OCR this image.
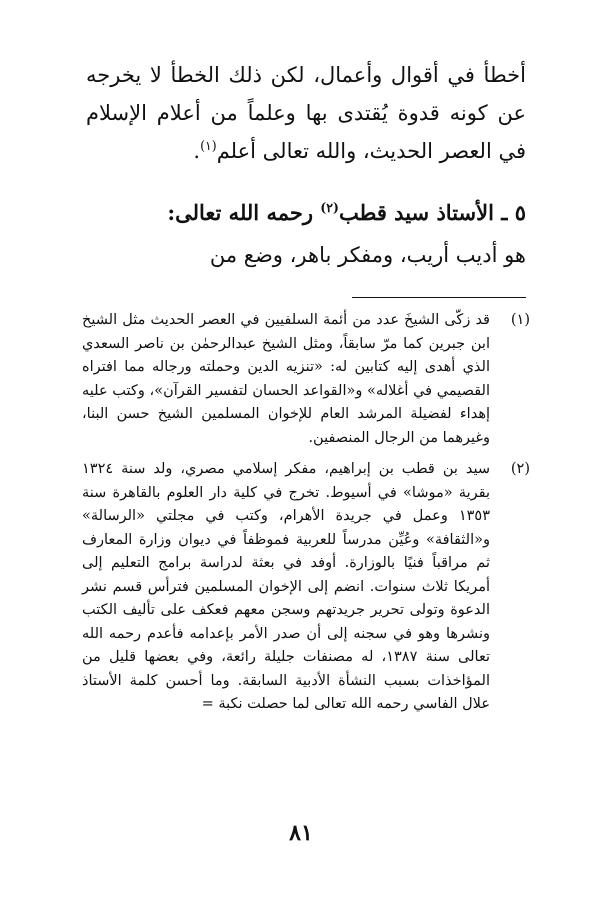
أخطأ في أقوال وأعمال، لكن ذلك الخطأ لا يخرجه عن كونه قدوة يُقتدى بها وعلماً من أعلام الإسلام في العصر الحديث، والله تعالى أعلم$^{(١)}$.

٥ ـ الأستاذ سيد قطب$^{(٢)}$ رحمه الله تعالى:
هو أديب أريب، ومفكر باهر، وضع من
(١)
قد زكّى الشيخَ عدد من أئمة السلفيين في العصر الحديث مثل الشيخ ابن جبرين كما مرّ سابقاً، ومثل الشيخ عبدالرحمٰن بن ناصر السعدي الذي أهدى إليه كتابين له: «تنزيه الدين وحملته ورجاله مما افتراه القصيمي في أغلاله» و«القواعد الحسان لتفسير القرآن»، وكتب عليه إهداء لفضيلة المرشد العام للإخوان المسلمين الشيخ حسن البنا، وغيرهما من الرجال المنصفين.
(٢)
سيد بن قطب بن إبراهيم، مفكر إسلامي مصري، ولد سنة ١٣٢٤ بقرية «موشا» في أسيوط. تخرج في كلية دار العلوم بالقاهرة سنة ١٣٥٣ وعمل في جريدة الأهرام، وكتب في مجلتي «الرسالة» و«الثقافة» وعُيِّن مدرساً للعربية فموظفاً في ديوان وزارة المعارف ثم مراقباً فنيًا بالوزارة. أوفد في بعثة لدراسة برامج التعليم إلى أمريكا ثلاث سنوات. انضم إلى الإخوان المسلمين فترأس قسم نشر الدعوة وتولى تحرير جريدتهم وسجن معهم فعكف على تأليف الكتب ونشرها وهو في سجنه إلى أن صدر الأمر بإعدامه فأعدم رحمه الله تعالى سنة ١٣٨٧، له مصنفات جليلة رائعة، وفي بعضها قليل من المؤاخذات بسبب النشأة الأدبية السابقة. وما أحسن كلمة الأستاذ علال الفاسي رحمه الله تعالى لما حصلت نكبة =
٨١
